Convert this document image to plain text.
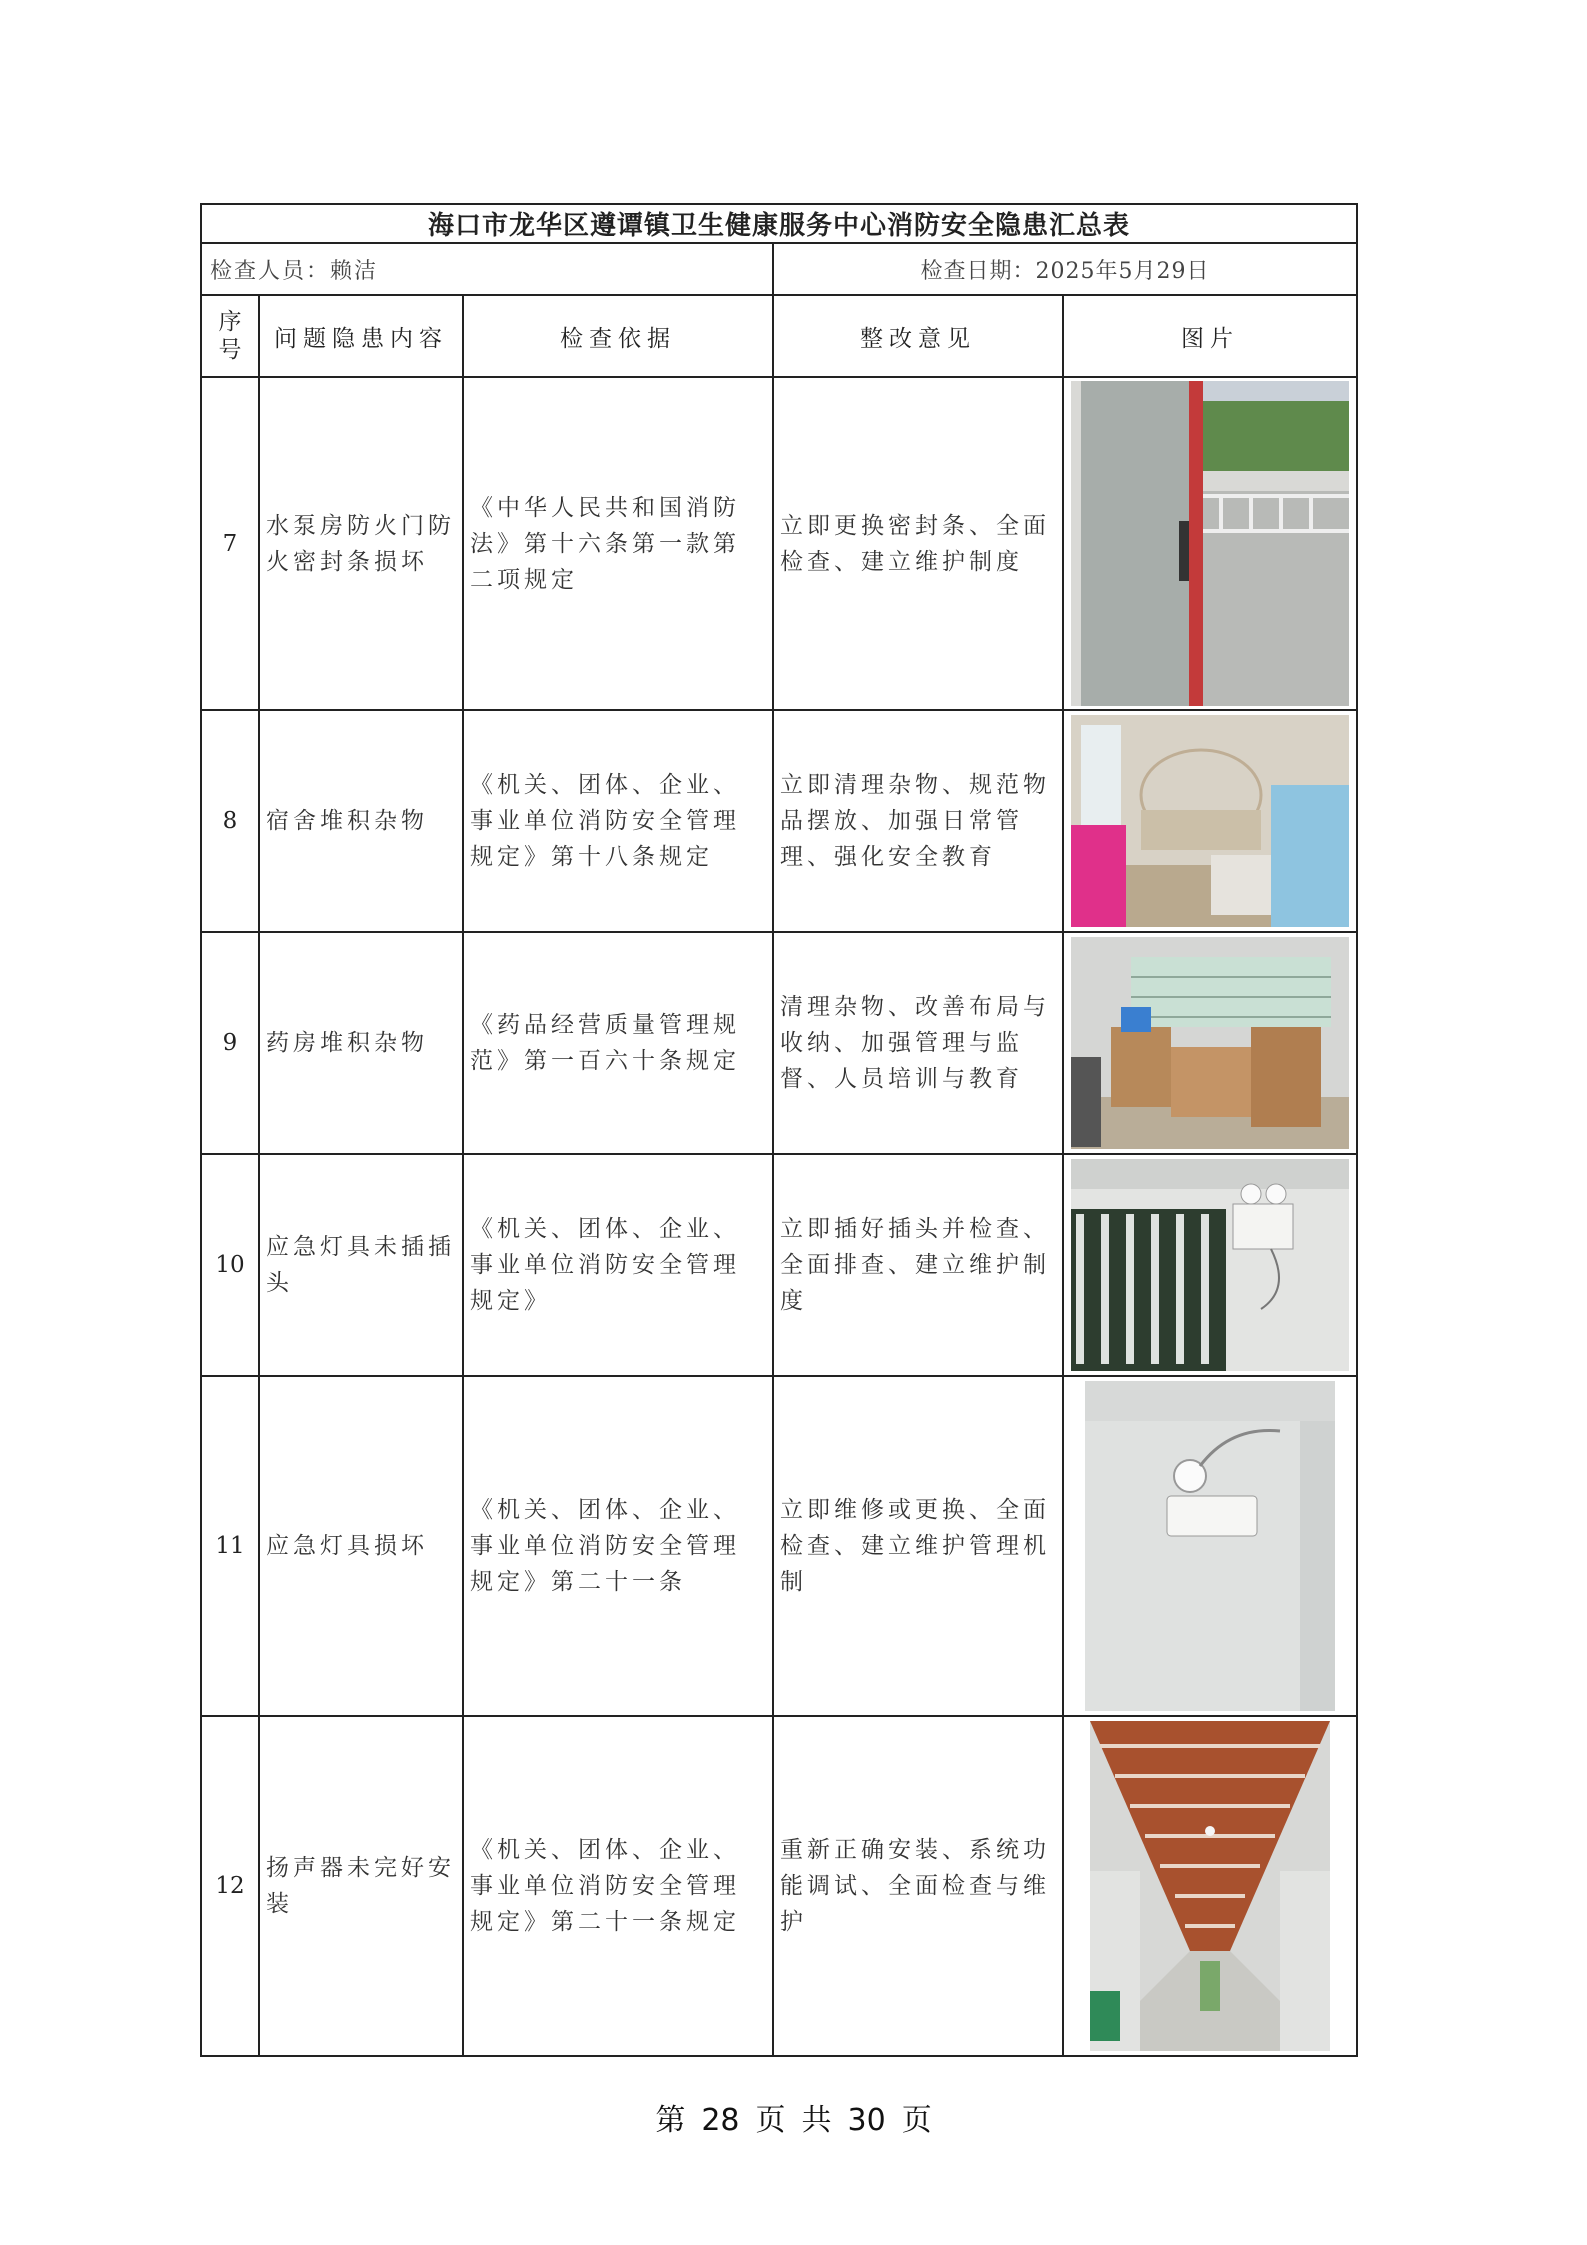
海口市龙华区遵谭镇卫生健康服务中心消防安全隐患汇总表				
检查人员：赖洁			检查日期：2025年5月29日	
序
号	问题隐患内容	检查依据	整改意见	图片
7	水泵房防火门防火密封条损坏	《中华人民共和国消防法》第十六条第一款第二项规定	立即更换密封条、全面检查、建立维护制度	

8	宿舍堆积杂物	《机关、团体、企业、事业单位消防安全管理规定》第十八条规定	立即清理杂物、规范物品摆放、加强日常管理、强化安全教育	

9	药房堆积杂物	《药品经营质量管理规范》第一百六十条规定	清理杂物、改善布局与收纳、加强管理与监督、人员培训与教育	

10	应急灯具未插插头	《机关、团体、企业、事业单位消防安全管理规定》	立即插好插头并检查、全面排查、建立维护制度	

11	应急灯具损坏	《机关、团体、企业、事业单位消防安全管理规定》第二十一条	立即维修或更换、全面检查、建立维护管理机制	

12	扬声器未完好安装	《机关、团体、企业、事业单位消防安全管理规定》第二十一条规定	重新正确安装、系统功能调试、全面检查与维护	
第 28 页 共 30 页
